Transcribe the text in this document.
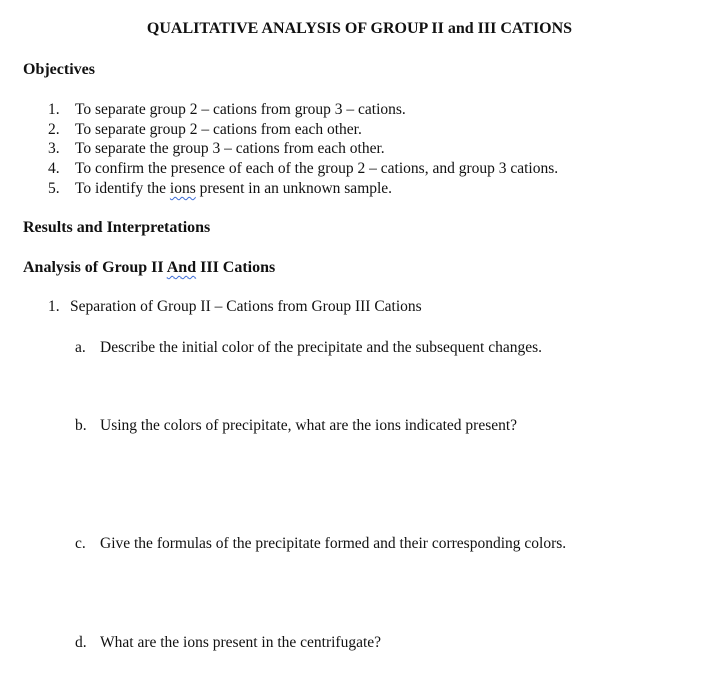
QUALITATIVE ANALYSIS OF GROUP II and III CATIONS

Objectives

1. To separate group 2 – cations from group 3 – cations.
2. To separate group 2 – cations from each other.
3. To separate the group 3 – cations from each other.
4. To confirm the presence of each of the group 2 – cations, and group 3 cations.
5. To identify the ions present in an unknown sample.

Results and Interpretations

Analysis of Group II And III Cations

1. Separation of Group II – Cations from Group III Cations
a. Describe the initial color of the precipitate and the subsequent changes.
b. Using the colors of precipitate, what are the ions indicated present?
c. Give the formulas of the precipitate formed and their corresponding colors.
d. What are the ions present in the centrifugate?
